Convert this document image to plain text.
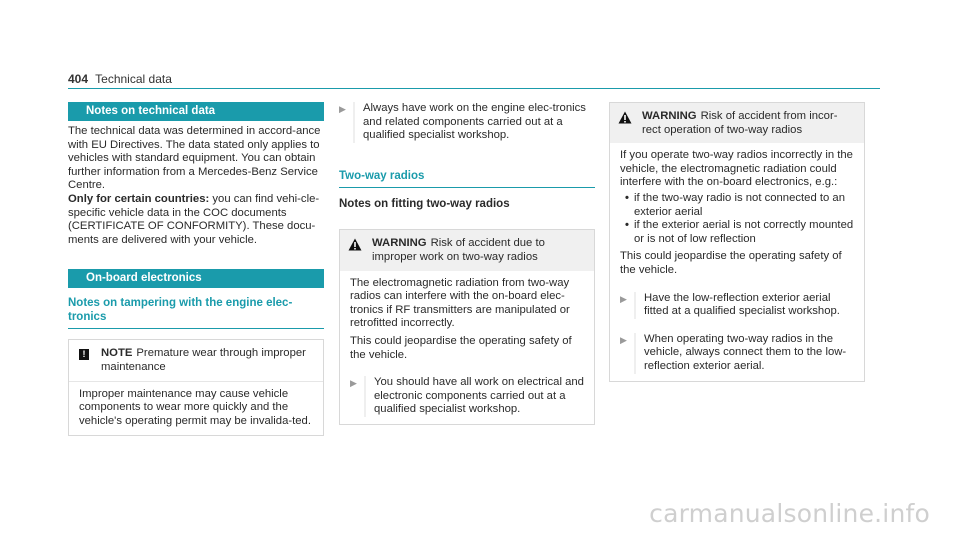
404 Technical data
Notes on technical data

The technical data was determined in accord-ance with EU Directives. The data stated only applies to vehicles with standard equipment. You can obtain further information from a Mercedes-Benz Service Centre.

Only for certain countries: you can find vehi-cle-specific vehicle data in the COC documents (CERTIFICATE OF CONFORMITY). These docu-ments are delivered with your vehicle.

On-board electronics
Notes on tampering with the engine elec-tronics
!	NOTE Premature wear through improper maintenance
Improper maintenance may cause vehicle components to wear more quickly and the vehicle's operating permit may be invalida-ted.
▶	Always have work on the engine elec-tronics and related components carried out at a qualified specialist workshop.
Two-way radios
Notes on fitting two-way radios
WARNING Risk of accident due to improper work on two-way radios

The electromagnetic radiation from two-way radios can interfere with the on-board elec-tronics if RF transmitters are manipulated or retrofitted incorrectly.

This could jeopardise the operating safety of the vehicle.

▶	You should have all work on electrical and electronic components carried out at a qualified specialist workshop.
WARNING Risk of accident from incor-rect operation of two-way radios

If you operate two-way radios incorrectly in the vehicle, the electromagnetic radiation could interfere with the on-board electronics, e.g.:

• if the two-way radio is not connected to an exterior aerial
• if the exterior aerial is not correctly mounted or is not of low reflection

This could jeopardise the operating safety of the vehicle.

▶	Have the low-reflection exterior aerial fitted at a qualified specialist workshop.
▶	When operating two-way radios in the vehicle, always connect them to the low-reflection exterior aerial.
carmanualsonline.info
